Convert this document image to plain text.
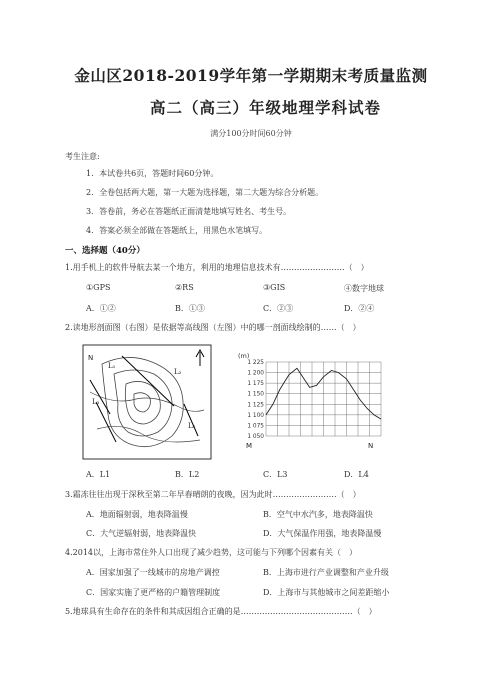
金山区2018-2019学年第一学期期末考质量监测
高二（高三）年级地理学科试卷
满分100分时间60分钟
考生注意:
1．本试卷共6页，答题时间60分钟。
2．全卷包括两大题，第一大题为选择题，第二大题为综合分析题。
3．答卷前，务必在答题纸正面清楚地填写姓名、考生号。
4．答案必须全部做在答题纸上，用黑色水笔填写。
一、选择题（40分）
1.用手机上的软件导航去某一个地方，利用的地理信息技术有……………………（　）
①GPS	②RS	③GIS	④数字地球
A．①②	B．①③	C．②③	D．②④
2.读地形剖面图（右图）是依据等高线图（左图）中的哪一剖面线绘制的……（　）
N
L₁
L₂
L₃
L₄
(m)
1 225
1 200
1 175
1 150
1 125
1 100
1 075
1 050
M	N
A．L1	B．L2	C．L3	D．L4
3.霜冻往往出现于深秋至第二年早春晴朗的夜晚，因为此时……………………（　）
A．地面辐射弱，地表降温慢	B．空气中水汽多，地表降温快
C．大气逆辐射弱，地表降温快	D．大气保温作用强，地表降温慢
4.2014以，上海市常住外人口出现了减少趋势，这可能与下列哪个因素有关（　）
A．国家加强了一线城市的房地产调控	B．上海市进行产业调整和产业升级
C．国家实施了更严格的户籍管理制度	D．上海市与其他城市之间差距缩小
5.地球具有生命存在的条件和其成因组合正确的是……………………………………（　）
